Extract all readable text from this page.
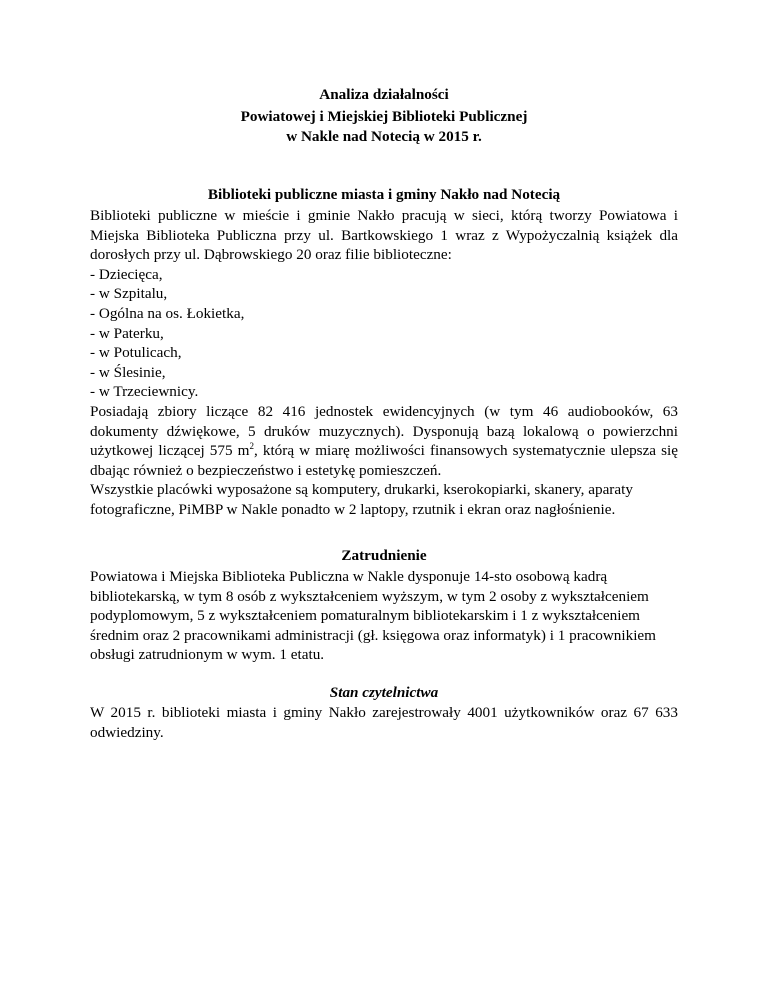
Analiza działalności

Powiatowej i Miejskiej Biblioteki Publicznej
w Nakle nad Notecią w 2015 r.

Biblioteki publiczne miasta i gminy Nakło nad Notecią

Biblioteki publiczne w mieście i gminie Nakło pracują w sieci, którą tworzy Powiatowa i Miejska Biblioteka Publiczna przy ul. Bartkowskiego 1 wraz z Wypożyczalnią książek dla dorosłych przy ul. Dąbrowskiego 20 oraz filie biblioteczne:

- Dziecięca,
- w Szpitalu,
- Ogólna na os. Łokietka,
- w Paterku,
- w Potulicach,
- w Ślesinie,
- w Trzeciewnicy.

Posiadają zbiory liczące 82 416 jednostek ewidencyjnych (w tym 46 audiobooków, 63 dokumenty dźwiękowe, 5 druków muzycznych). Dysponują bazą lokalową o powierzchni użytkowej liczącej 575 $m^2$, którą w miarę możliwości finansowych systematycznie ulepsza się dbając również o bezpieczeństwo i estetykę pomieszczeń.

Wszystkie placówki wyposażone są komputery, drukarki, kserokopiarki, skanery, aparaty
fotograficzne, PiMBP w Nakle ponadto w 2 laptopy, rzutnik i ekran oraz nagłośnienie.

Zatrudnienie

Powiatowa i Miejska Biblioteka Publiczna w Nakle dysponuje 14-sto osobową kadrą
bibliotekarską, w tym 8 osób z wykształceniem wyższym, w tym 2 osoby z wykształceniem
podyplomowym, 5 z wykształceniem pomaturalnym bibliotekarskim i 1 z wykształceniem
średnim oraz 2 pracownikami administracji (gł. księgowa oraz informatyk) i 1 pracownikiem
obsługi zatrudnionym w wym. 1 etatu.

Stan czytelnictwa

W 2015 r. biblioteki miasta i gminy Nakło zarejestrowały 4001 użytkowników oraz 67 633 odwiedziny.
